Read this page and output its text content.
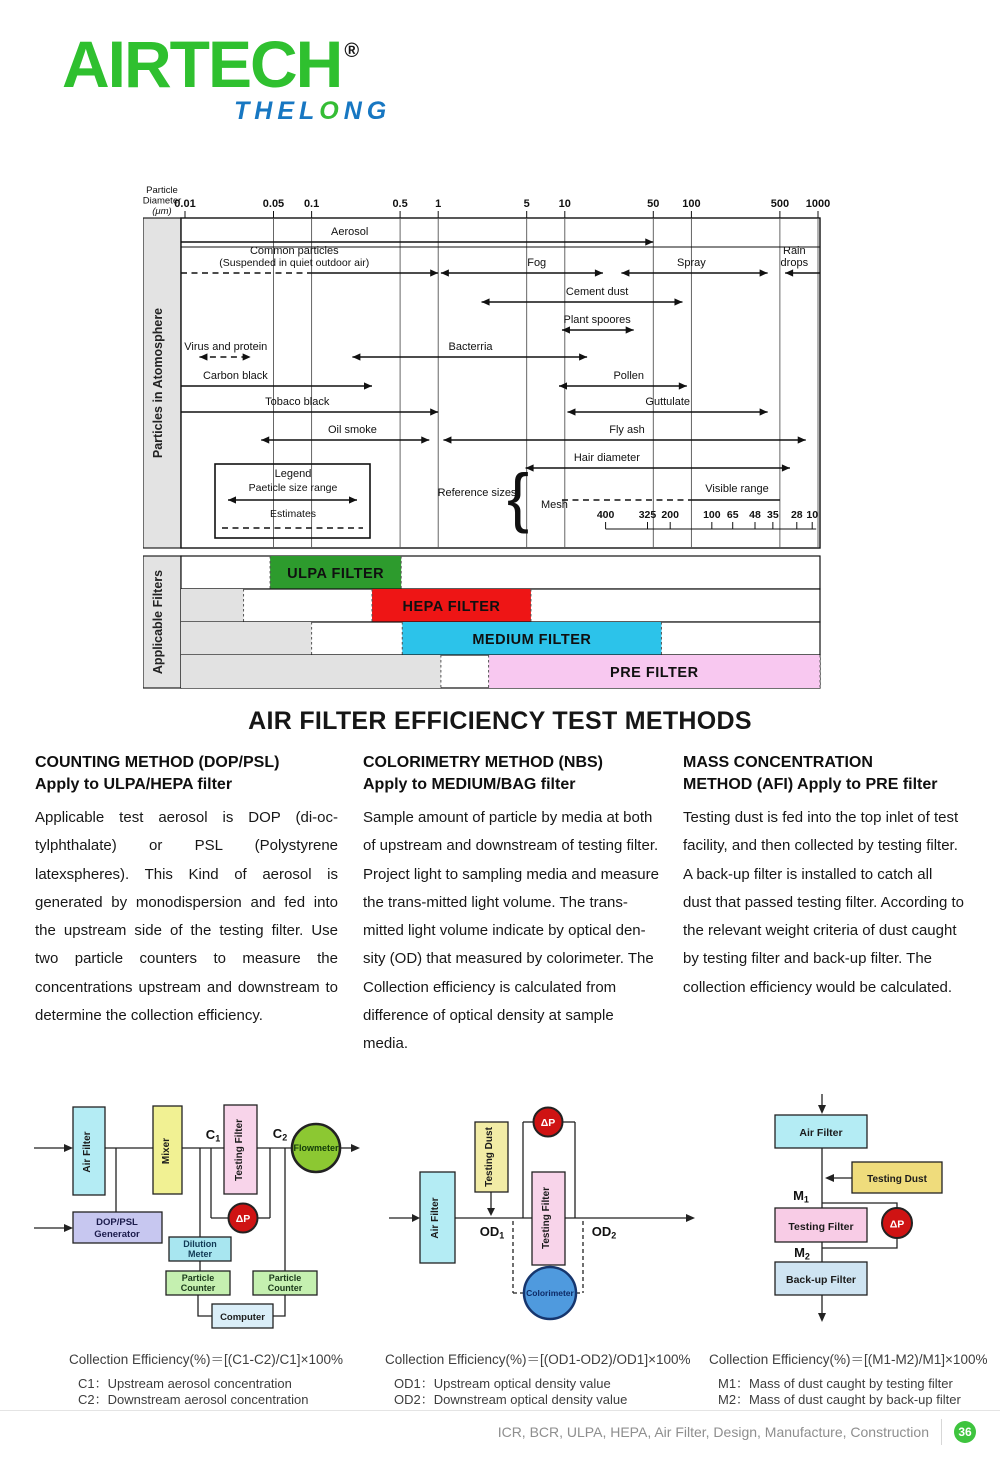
AIRTECH ®
THELONG
0.01	0.05 0.1	0.5 1	5	10	50 100	500 1000
Particle
Diameter
(μm)
Particles in Atomosphere
Aerosol
Common particles
(Suspended in quiet outdoor air)	Fog	Spray
Rain
drops
Cement dust
Plant spoores
Virus and protein	Bacterria
Carbon black	Pollen
Tobaco black	Guttulate
Oil smoke	Fly ash
Hair diameter
Legend
Paeticle size range
Estimates
Reference sizes
{ Mesh
Visible range
400 325 200 100 65 48 35 28 10
Applicable Filters	ULPA FILTER
HEPA FILTER
MEDIUM FILTER
PRE FILTER
AIR FILTER EFFICIENCY TEST METHODS
COUNTING METHOD (DOP/PSL)
Apply to ULPA/HEPA filter
Applicable test aerosol is DOP (di-oc-tylphthalate) or PSL (Polystyrene latexspheres). This Kind of aerosol is generated by monodispersion and fed into the upstream side of the testing filter. Use two particle counters to measure the concentrations upstream and downstream to determine the collection efficiency.
COLORIMETRY METHOD (NBS)
Apply to MEDIUM/BAG filter
Sample amount of particle by media at both of upstream and downstream of testing filter. Project light to sampling media and measure the trans-mitted light volume. The trans-mitted light volume indicate by optical den-sity (OD) that measured by colorimeter. The Collection efficiency is calculated from difference of optical density at sample media.
MASS CONCENTRATION
METHOD (AFI) Apply to PRE filter
Testing dust is fed into the top inlet of test facility, and then collected by testing filter. A back-up filter is installed to catch all dust that passed testing filter. According to the relevant weight criteria of dust caught by testing filter and back-up filter. The collection efficiency would be calculated.
Air Filter	Mixer	Testing Filter
C1	C2
Flowmeter
ΔP
DOP/PSL
Generator
Dilution
Meter
Particle
Counter
Particle
Counter
Computer
Air Filter
Testing Dust
Testing Filter
ΔP
OD1	OD2
Colorimeter
Air Filter
Testing Dust
Testing Filter
Back-up Filter
ΔP
M1
M2
Collection Efficiency(%)＝[(C1-C2)/C1]×100%
C1：Upstream aerosol concentration
C2：Downstream aerosol concentration
Collection Efficiency(%)＝[(OD1-OD2)/OD1]×100%
OD1：Upstream optical density value
OD2：Downstream optical density value
Collection Efficiency(%)＝[(M1-M2)/M1]×100%
M1：Mass of dust caught by testing filter
M2：Mass of dust caught by back-up filter
ICR, BCR, ULPA, HEPA, Air Filter, Design, Manufacture, Construction	36
